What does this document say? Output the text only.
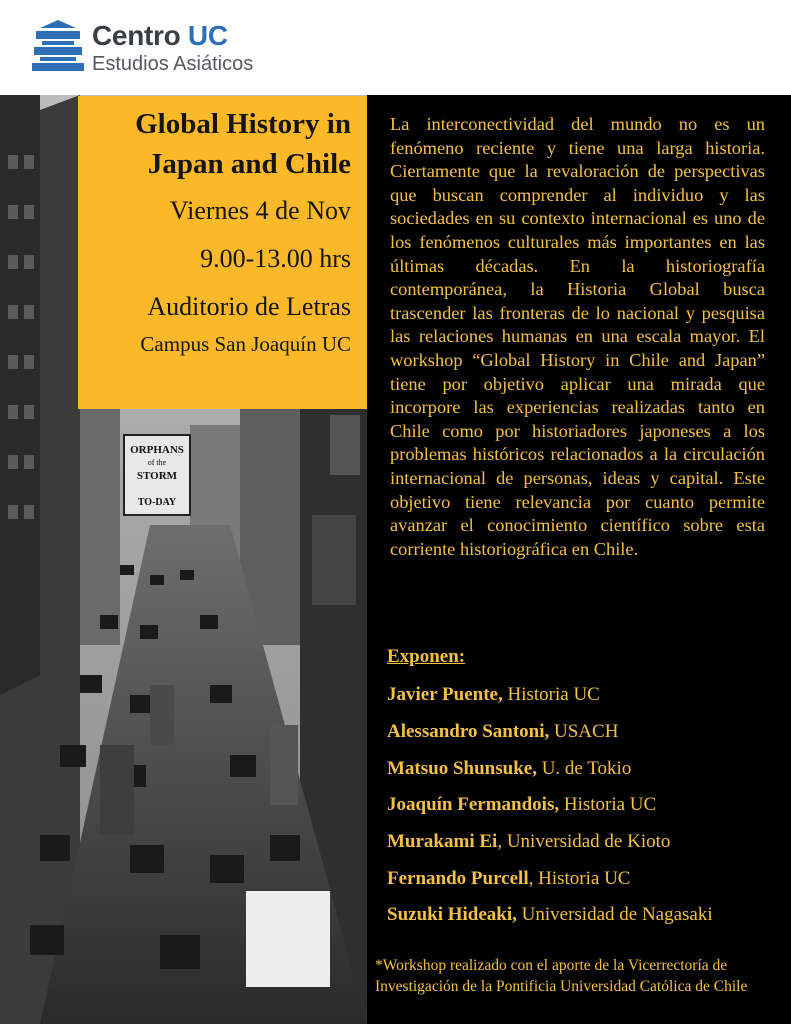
Centro UC
Estudios Asiáticos
ORPHANS
of the
STORM
TO-DAY
Global History in
Japan and Chile
Viernes 4 de Nov
9.00-13.00 hrs
Auditorio de Letras
Campus San Joaquín UC
La interconectividad del mundo no es un fenómeno reciente y tiene una larga historia. Ciertamente que la revaloración de perspectivas que buscan comprender al individuo y las sociedades en su contexto internacional es uno de los fenómenos culturales más importantes en las últimas décadas. En la historiografía contemporánea, la Historia Global busca trascender las fronteras de lo nacional y pesquisa las relaciones humanas en una escala mayor. El workshop “Global History in Chile and Japan” tiene por objetivo aplicar una mirada que incorpore las experiencias realizadas tanto en Chile como por historiadores japoneses a los problemas históricos relacionados a la circulación internacional de personas, ideas y capital. Este objetivo tiene relevancia por cuanto permite avanzar el conocimiento científico sobre esta corriente historiográfica en Chile.
Exponen:
Javier Puente, Historia UC
Alessandro Santoni, USACH
Matsuo Shunsuke, U. de Tokio
Joaquín Fermandois, Historia UC
Murakami Ei, Universidad de Kioto
Fernando Purcell, Historia UC
Suzuki Hideaki, Universidad de Nagasaki
*Workshop realizado con el aporte de la Vicerrectoría de
Investigación de la Pontificia Universidad Católica de Chile
